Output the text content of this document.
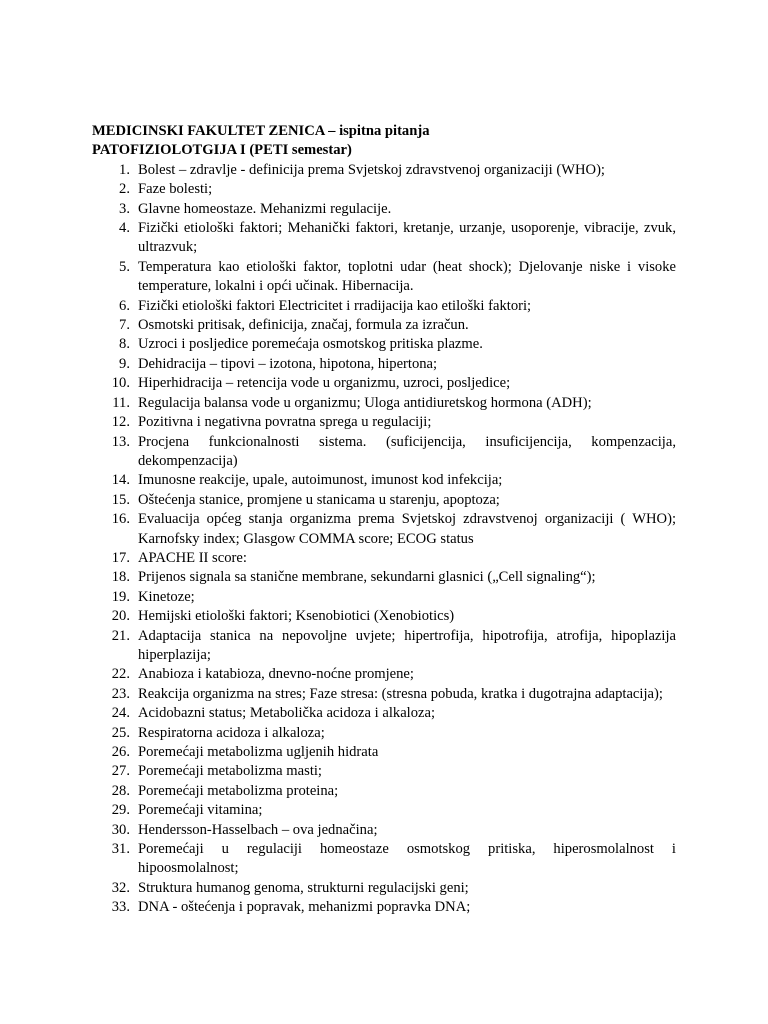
MEDICINSKI FAKULTET ZENICA – ispitna pitanja
PATOFIZIOLOTGIJA I (PETI semestar)
1. Bolest – zdravlje - definicija prema Svjetskoj zdravstvenoj organizaciji (WHO);
2. Faze bolesti;
3. Glavne homeostaze. Mehanizmi regulacije.
4. Fizički etiološki faktori; Mehanički faktori, kretanje, urzanje, usoporenje, vibracije, zvuk, ultrazvuk;
5. Temperatura kao etiološki faktor, toplotni udar (heat shock); Djelovanje niske i visoke temperature, lokalni i opći učinak. Hibernacija.
6. Fizički etiološki faktori Electricitet i rradijacija kao etiloški faktori;
7. Osmotski pritisak, definicija, značaj, formula za izračun.
8. Uzroci i posljedice poremećaja osmotskog pritiska plazme.
9. Dehidracija – tipovi – izotona, hipotona, hipertona;
10. Hiperhidracija – retencija vode u organizmu, uzroci, posljedice;
11. Regulacija balansa vode u organizmu; Uloga antidiuretskog hormona (ADH);
12. Pozitivna i negativna povratna sprega u regulaciji;
13. Procjena funkcionalnosti sistema. (suficijencija, insuficijencija, kompenzacija, dekompenzacija)
14. Imunosne reakcije, upale, autoimunost, imunost kod infekcija;
15. Oštećenja stanice, promjene u stanicama u starenju, apoptoza;
16. Evaluacija općeg stanja organizma prema Svjetskoj zdravstvenoj organizaciji ( WHO); Karnofsky index; Glasgow COMMA score; ECOG status
17. APACHE II score:
18. Prijenos signala sa stanične membrane, sekundarni glasnici („Cell signaling“);
19. Kinetoze;
20. Hemijski etiološki faktori; Ksenobiotici (Xenobiotics)
21. Adaptacija stanica na nepovoljne uvjete; hipertrofija, hipotrofija, atrofija, hipoplazija hiperplazija;
22. Anabioza i katabioza, dnevno-noćne promjene;
23. Reakcija organizma na stres; Faze stresa: (stresna pobuda, kratka i dugotrajna adaptacija);
24. Acidobazni status; Metabolička acidoza i alkaloza;
25. Respiratorna acidoza i alkaloza;
26. Poremećaji metabolizma ugljenih hidrata
27. Poremećaji metabolizma masti;
28. Poremećaji metabolizma proteina;
29. Poremećaji vitamina;
30. Hendersson-Hasselbach – ova jednačina;
31. Poremećaji u regulaciji homeostaze osmotskog pritiska, hiperosmolalnost i hipoosmolalnost;
32. Struktura humanog genoma, strukturni regulacijski geni;
33. DNA - oštećenja i popravak, mehanizmi popravka DNA;
